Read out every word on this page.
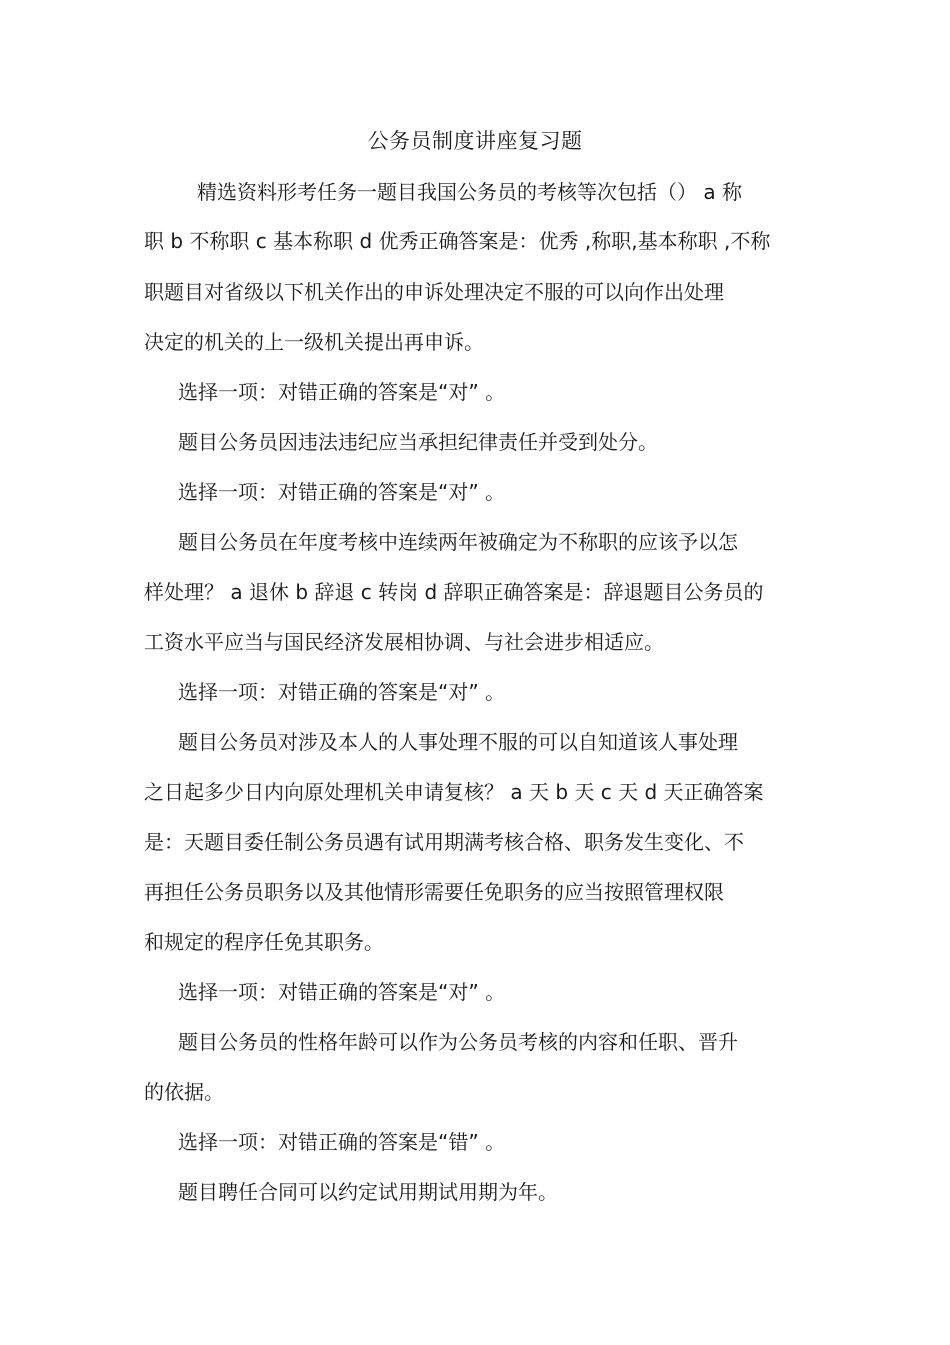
公务员制度讲座复习题
精选资料形考任务一题目我国公务员的考核等次包括（） a 称
职 b 不称职 c 基本称职 d 优秀正确答案是：优秀 ,称职,基本称职 ,不称
职题目对省级以下机关作出的申诉处理决定不服的可以向作出处理
决定的机关的上一级机关提出再申诉。
选择一项：对错正确的答案是“对” 。
题目公务员因违法违纪应当承担纪律责任并受到处分。
选择一项：对错正确的答案是“对” 。
题目公务员在年度考核中连续两年被确定为不称职的应该予以怎
样处理？ a 退休 b 辞退 c 转岗 d 辞职正确答案是：辞退题目公务员的
工资水平应当与国民经济发展相协调、与社会进步相适应。
选择一项：对错正确的答案是“对” 。
题目公务员对涉及本人的人事处理不服的可以自知道该人事处理
之日起多少日内向原处理机关申请复核？ a 天 b 天 c 天 d 天正确答案
是：天题目委任制公务员遇有试用期满考核合格、职务发生变化、不
再担任公务员职务以及其他情形需要任免职务的应当按照管理权限
和规定的程序任免其职务。
选择一项：对错正确的答案是“对” 。
题目公务员的性格年龄可以作为公务员考核的内容和任职、晋升
的依据。
选择一项：对错正确的答案是“错” 。
题目聘任合同可以约定试用期试用期为年。
